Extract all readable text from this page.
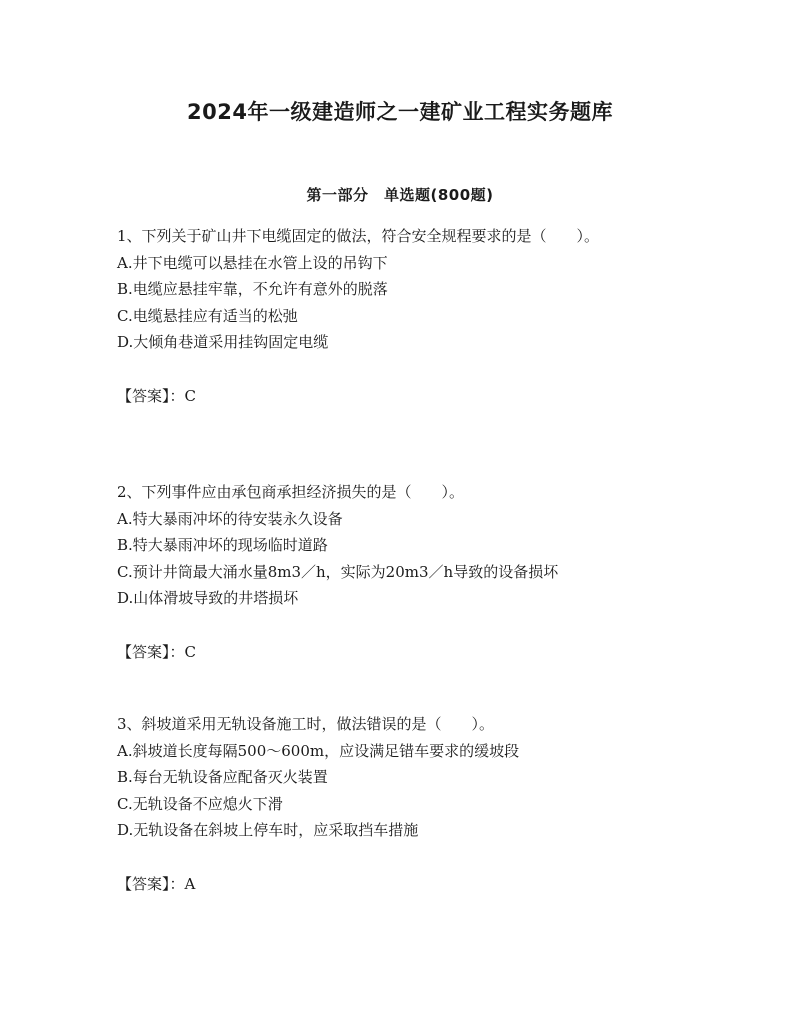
2024年一级建造师之一建矿业工程实务题库
第一部分　单选题(800题)
1、下列关于矿山井下电缆固定的做法，符合安全规程要求的是（　　）。
A.井下电缆可以悬挂在水管上设的吊钩下
B.电缆应悬挂牢靠，不允许有意外的脱落
C.电缆悬挂应有适当的松弛
D.大倾角巷道采用挂钩固定电缆
【答案】：C
2、下列事件应由承包商承担经济损失的是（　　）。
A.特大暴雨冲坏的待安装永久设备
B.特大暴雨冲坏的现场临时道路
C.预计井筒最大涌水量8m3／h，实际为20m3／h导致的设备损坏
D.山体滑坡导致的井塔损坏
【答案】：C
3、斜坡道采用无轨设备施工时，做法错误的是（　　）。
A.斜坡道长度每隔500～600m，应设满足错车要求的缓坡段
B.每台无轨设备应配备灭火装置
C.无轨设备不应熄火下滑
D.无轨设备在斜坡上停车时，应采取挡车措施
【答案】：A
